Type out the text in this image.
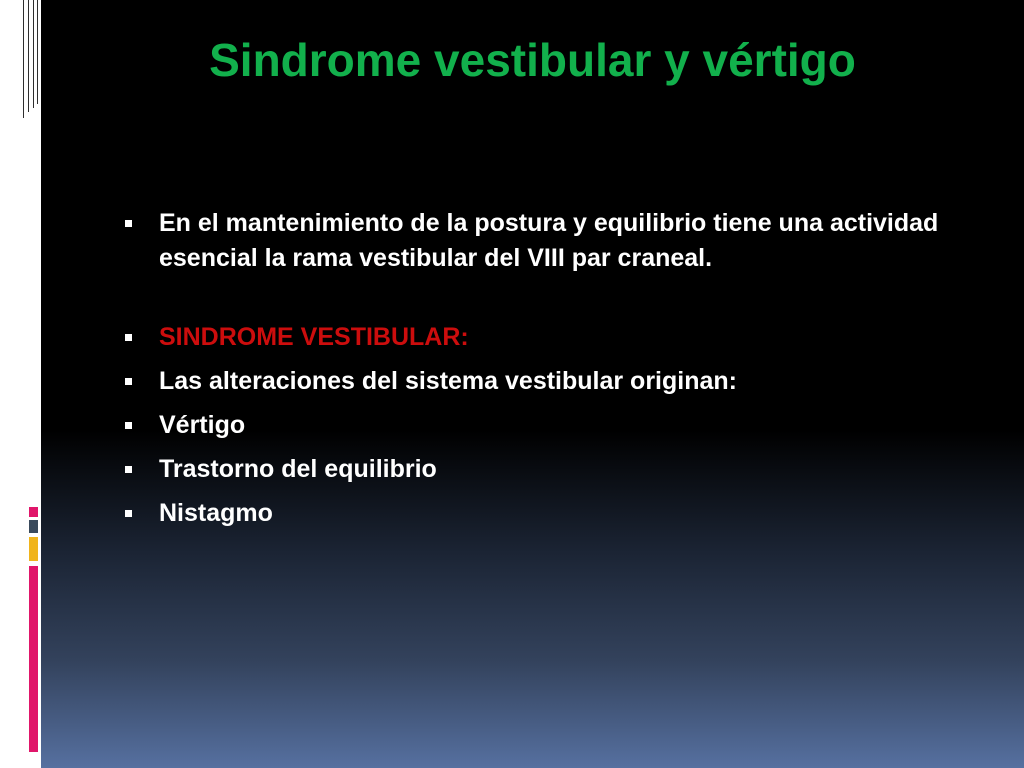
Sindrome vestibular y vértigo
En el mantenimiento de la postura y equilibrio tiene una actividad esencial la rama vestibular del VIII par craneal.
SINDROME VESTIBULAR:
Las alteraciones del sistema vestibular originan:
Vértigo
Trastorno del equilibrio
Nistagmo
